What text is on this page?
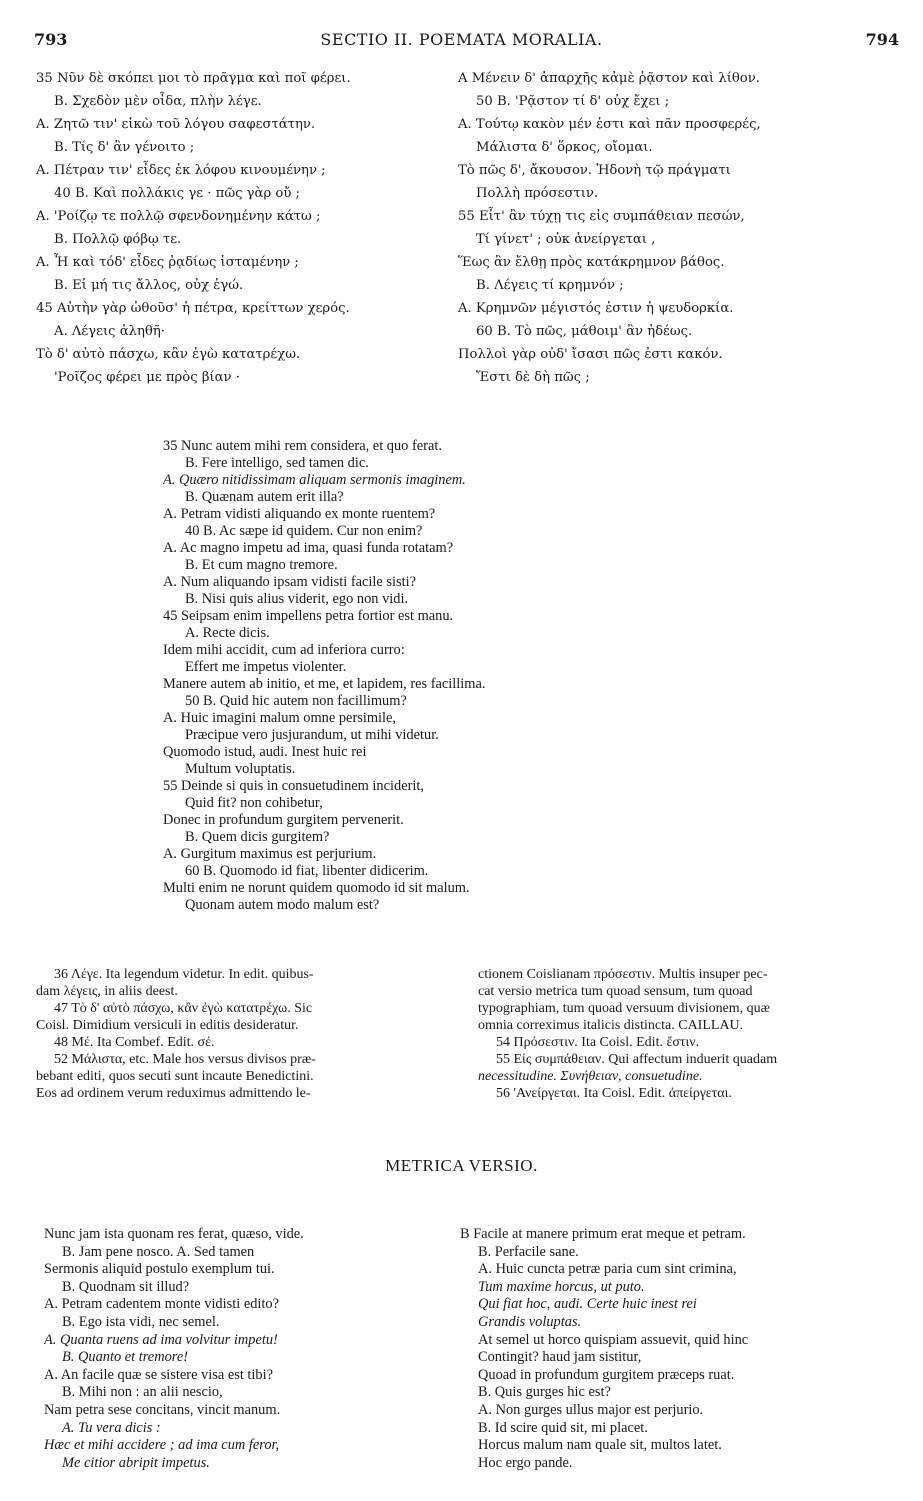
793	SECTIO II. POEMATA MORALIA.	794
35 Νῦν δὲ σκόπει μοι τὸ πρᾶγμα καὶ ποῖ φέρει.
B. Σχεδὸν μὲν οἶδα, πλὴν λέγε.
A. Ζητῶ τιν' εἰκὼ τοῦ λόγου σαφεστάτην.
B. Τίς δ' ἂν γένοιτο ;
A. Πέτραν τιν' εἶδες ἐκ λόφου κινουμένην ;
40 B. Καὶ πολλάκις γε · πῶς γὰρ οὔ ;
A. 'Ροίζῳ τε πολλῷ σφενδονημένην κάτω ;
B. Πολλῷ φόβῳ τε.
A. Ἦ καὶ τόδ' εἶδες ῥᾳδίως ἱσταμένην ;
B. Εἰ μή τις ἄλλος, οὐχ ἐγώ.
45 Αὑτὴν γὰρ ὠθοῦσ' ἡ πέτρα, κρείττων χερός.
A. Λέγεις ἀληθῆ·
Τὸ δ' αὐτὸ πάσχω, κἂν ἐγὼ κατατρέχω.
'Ροῖζος φέρει με πρὸς βίαν ·
A Μένειν δ' ἀπαρχῆς κἀμὲ ῥᾷστον καὶ λίθον.
50 B. 'Ρᾷστον τί δ' οὐχ ἔχει ;
A. Τούτῳ κακὸν μέν ἐστι καὶ πᾶν προσφερές,
Μάλιστα δ' ὅρκος, οἴομαι.
Τὸ πῶς δ', ἄκουσον. Ἡδονὴ τῷ πράγματι
Πολλὴ πρόσεστιν.
55 Εἶτ' ἂν τύχῃ τις εἰς συμπάθειαν πεσών,
Τί γίνετ' ; οὐκ ἀνείργεται ,
Ἕως ἂν ἔλθῃ πρὸς κατάκρημνον βάθος.
B. Λέγεις τί κρημνόν ;
A. Κρημνῶν μέγιστός ἐστιν ἡ ψευδορκία.
60 B. Τὸ πῶς, μάθοιμ' ἂν ἡδέως.
Πολλοὶ γὰρ οὐδ' ἴσασι πῶς ἐστι κακόν.
Ἔστι δὲ δὴ πῶς ;
35 Nunc autem mihi rem considera, et quo ferat.
B. Fere intelligo, sed tamen dic.
A. Quæro nitidissimam aliquam sermonis imaginem.
B. Quænam autem erit illa?
A. Petram vidisti aliquando ex monte ruentem?
40 B. Ac sæpe id quidem. Cur non enim?
A. Ac magno impetu ad ima, quasi funda rotatam?
B. Et cum magno tremore.
A. Num aliquando ipsam vidisti facile sisti?
B. Nisi quis alius viderit, ego non vidi.
45 Seipsam enim impellens petra fortior est manu.
A. Recte dicis.
Idem mihi accidit, cum ad inferiora curro:
Effert me impetus violenter.
Manere autem ab initio, et me, et lapidem, res facillima.
50 B. Quid hic autem non facillimum?
A. Huic imagini malum omne persimile,
Præcipue vero jusjurandum, ut mihi videtur.
Quomodo istud, audi. Inest huic rei
Multum voluptatis.
55 Deinde si quis in consuetudinem inciderit,
Quid fit? non cohibetur,
Donec in profundum gurgitem pervenerit.
B. Quem dicis gurgitem?
A. Gurgitum maximus est perjurium.
60 B. Quomodo id fiat, libenter didicerim.
Multi enim ne norunt quidem quomodo id sit malum.
Quonam autem modo malum est?
36 Λέγε. Ita legendum videtur. In edit. quibus-
dam λέγεις, in aliis deest.
47 Τὸ δ' αὐτὸ πάσχω, κἂν ἐγὼ κατατρέχω. Sic
Coisl. Dimidium versiculi in editis desideratur.
48 Μέ. Ita Combef. Edit. σέ.
52 Μάλιστα, etc. Male hos versus divisos præ-
bebant editi, quos secuti sunt incaute Benedictini.
Eos ad ordinem verum reduximus admittendo le-
ctionem Coislianam πρόσεστιν. Multis insuper pec-
cat versio metrica tum quoad sensum, tum quoad
typographiam, tum quoad versuum divisionem, quæ
omnia correximus italicis distincta. CAILLAU.
54 Πρόσεστιν. Ita Coisl. Edit. ἔστιν.
55 Εἰς συμπάθειαν. Qui affectum induerit quadam
necessitudine. Συνήθειαν, consuetudine.
56 'Ανείργεται. Ita Coisl. Edit. ἀπείργεται.
METRICA VERSIO.
Nunc jam ista quonam res ferat, quæso, vide.
B. Jam pene nosco. A. Sed tamen
Sermonis aliquid postulo exemplum tui.
B. Quodnam sit illud?
A. Petram cadentem monte vidisti edito?
B. Ego ista vidi, nec semel.
A. Quanta ruens ad ima volvitur impetu!
B. Quanto et tremore!
A. An facile quæ se sistere visa est tibi?
B. Mihi non : an alii nescio,
Nam petra sese concitans, vincit manum.
A. Tu vera dicis :
Hæc et mihi accidere ; ad ima cum feror,
Me citior abripit impetus.
B Facile at manere primum erat meque et petram.
B. Perfacile sane.
A. Huic cuncta petræ paria cum sint crimina,
Tum maxime horcus, ut puto.
Qui fiat hoc, audi. Certe huic inest rei
Grandis voluptas.
At semel ut horco quispiam assuevit, quid hinc
Contingit? haud jam sistitur,
Quoad in profundum gurgitem præceps ruat.
B. Quis gurges hic est?
A. Non gurges ullus major est perjurio.
B. Id scire quid sit, mi placet.
Horcus malum nam quale sit, multos latet.
Hoc ergo pande.
